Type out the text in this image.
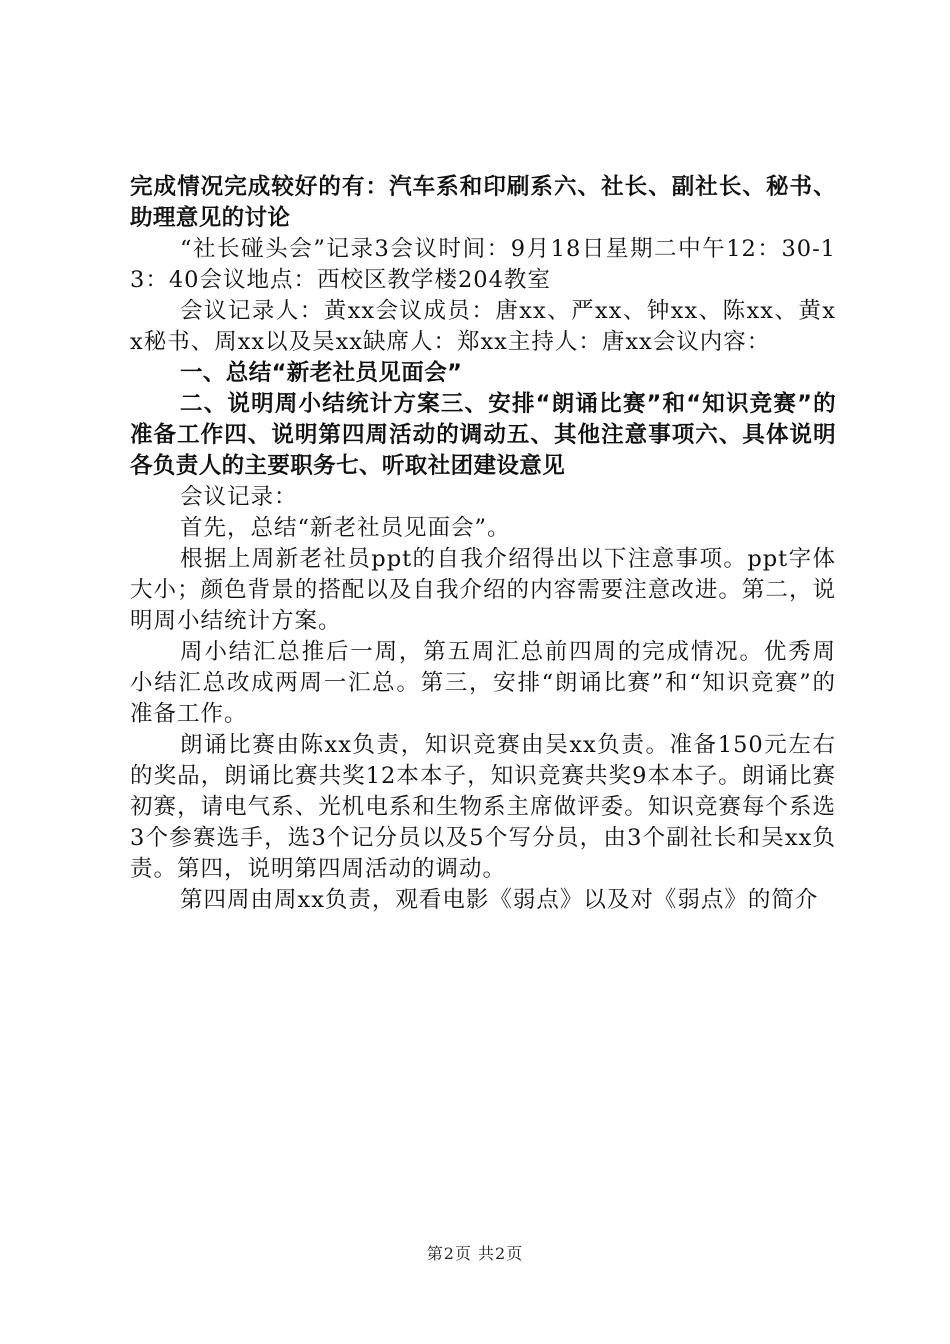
完成情况完成较好的有：汽车系和印刷系六、社长、副社长、秘书、助理意见的讨论

“社长碰头会”记录3会议时间：9月18日星期二中午12：30-13：40会议地点：西校区教学楼204教室

会议记录人：黄xx会议成员：唐xx、严xx、钟xx、陈xx、黄xx秘书、周xx以及吴xx缺席人：郑xx主持人：唐xx会议内容：

一、总结“新老社员见面会”

二、说明周小结统计方案三、安排“朗诵比赛”和“知识竞赛”的准备工作四、说明第四周活动的调动五、其他注意事项六、具体说明各负责人的主要职务七、听取社团建设意见

会议记录：

首先，总结“新老社员见面会”。

根据上周新老社员ppt的自我介绍得出以下注意事项。ppt字体大小；颜色背景的搭配以及自我介绍的内容需要注意改进。第二，说明周小结统计方案。

周小结汇总推后一周，第五周汇总前四周的完成情况。优秀周小结汇总改成两周一汇总。第三，安排“朗诵比赛”和“知识竞赛”的准备工作。

朗诵比赛由陈xx负责，知识竞赛由吴xx负责。准备150元左右的奖品，朗诵比赛共奖12本本子，知识竞赛共奖9本本子。朗诵比赛初赛，请电气系、光机电系和生物系主席做评委。知识竞赛每个系选3个参赛选手，选3个记分员以及5个写分员，由3个副社长和吴xx负责。第四，说明第四周活动的调动。

第四周由周xx负责，观看电影《弱点》以及对《弱点》的简介

第2页 共2页
